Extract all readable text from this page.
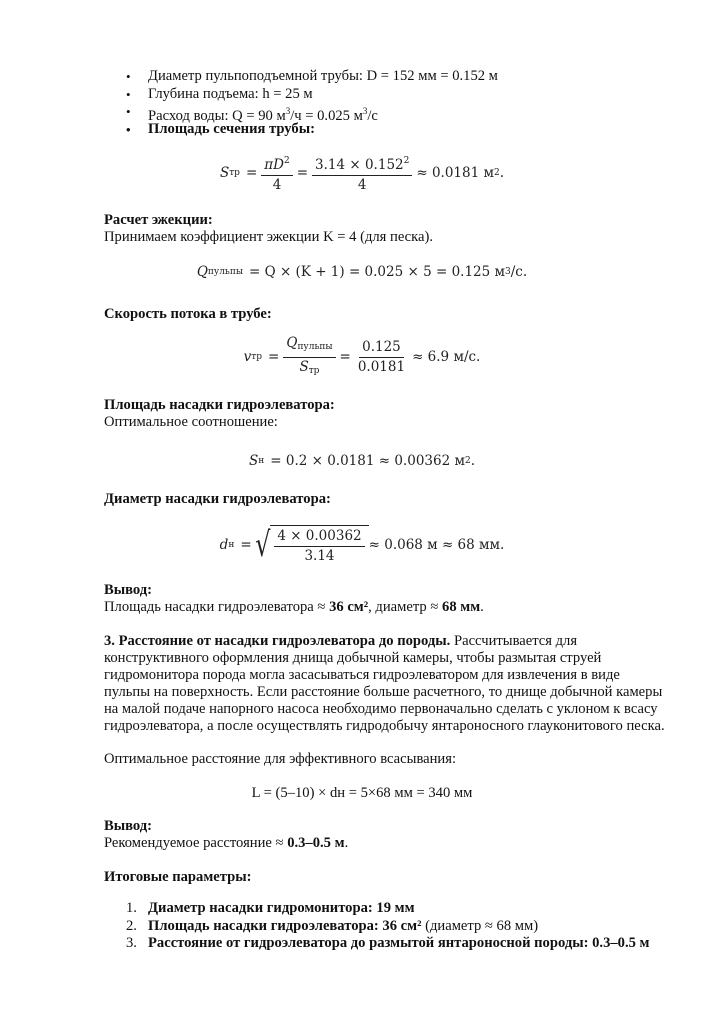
• Диаметр пульпоподъемной трубы: D = 152 мм = 0.152 м
• Глубина подъема: h = 25 м
• Расход воды: Q = 90 $м^3/ч = 0.025$ $м^3/с$
• Площадь сечения трубы:
S тр = $\frac{\pi D^2}{4} = \frac{3.14 \times 0.152^2}{4} \approx 0.0181$ м 2 .
Расчет эжекции:
Принимаем коэффициент эжекции K = 4 (для песка).
Q пульпы = Q × (K + 1) = 0.025 × 5 = 0.125 м 3 /с.
Скорость потока в трубе:
v тр = $\frac{Q_{пульпы}}{S_{тр}} = \frac{0.125}{0.0181} \approx 6.9$ м/с.
Площадь насадки гидроэлеватора:
Оптимальное соотношение:
S н = 0.2 × 0.0181 ≈ 0.00362 м 2 .
Диаметр насадки гидроэлеватора:
d н = √ $\frac{4 \times 0.00362}{3.14} \approx 0.068$ м ≈ 68 мм.
Вывод:
Площадь насадки гидроэлеватора ≈ 36 см², диаметр ≈ 68 мм.
3. Расстояние от насадки гидроэлеватора до породы. Рассчитывается для
конструктивного оформления днища добычной камеры, чтобы размытая струей
гидромонитора порода могла засасываться гидроэлеватором для извлечения в виде
пульпы на поверхность. Если расстояние больше расчетного, то днище добычной камеры
на малой подаче напорного насоса необходимо первоначально сделать с уклоном к всасу
гидроэлеватора, а после осуществлять гидродобычу янтароносного глауконитового песка.
Оптимальное расстояние для эффективного всасывания:
L = (5–10) × dн = 5×68 мм = 340 мм
Вывод:
Рекомендуемое расстояние ≈ 0.3–0.5 м.
Итоговые параметры:
1. Диаметр насадки гидромонитора: 19 мм
2. Площадь насадки гидроэлеватора: 36 см² (диаметр ≈ 68 мм)
3. Расстояние от гидроэлеватора до размытой янтароносной породы: 0.3–0.5 м
